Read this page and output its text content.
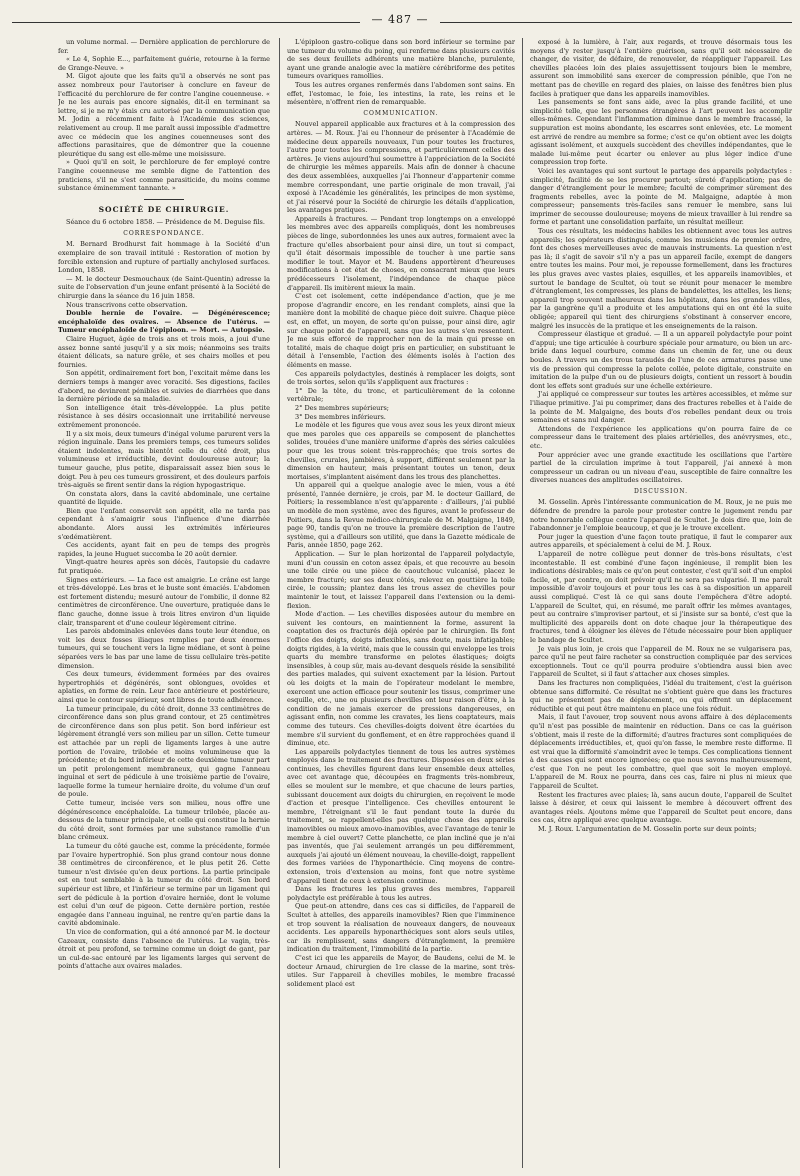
— 487 —

un volume normal. — Dernière application de perchlorure de fer.

« Le 4, Sophie E..., parfaitement guérie, retourne à la ferme de Grange-Neuve. »

M. Gigot ajoute que les faits qu'il a observés ne sont pas assez nombreux pour l'autoriser à conclure en faveur de l'efficacité du perchlorure de fer contre l'angine couenneuse. « Je ne les aurais pas encore signalés, dit-il en terminant sa lettre, si je ne m'y étais cru autorisé par la communication que M. Jodin a récemment faite à l'Académie des sciences, relativement au croup. Il me paraît aussi impossible d'admettre avec ce médecin que les angines couenneuses sont des affections parasitaires, que de démontrer que la couenne pleurétique du sang est elle-même une moisissure.

» Quoi qu'il en soit, le perchlorure de fer employé contre l'angine couenneuse me semble digne de l'attention des praticiens, s'il ne s'est comme parasiticide, du moins comme substance éminemment tannante. »

SOCIÉTÉ DE CHIRURGIE.

Séance du 6 octobre 1858. — Présidence de M. Deguise fils.

CORRESPONDANCE.

M. Bernard Brodhurst fait hommage à la Société d'un exemplaire de son travail intitulé : Restoration of motion by forcible extension and rupture of partially anchylosed surfaces. London, 1858.

— M. le docteur Desmouchaux (de Saint-Quentin) adresse la suite de l'observation d'un jeune enfant présenté à la Société de chirurgie dans la séance du 16 juin 1858.

Nous transcrivons cette observation.

Double hernie de l'ovaire. — Dégénérescence; encéphaloïde des ovaires. — Absence de l'utérus. — Tumeur encéphaloïde de l'épiploon. — Mort. — Autopsie.

Claire Huguet, âgée de trois ans et trois mois, a joui d'une assez bonne santé jusqu'il y a six mois; néanmoins ses traits étaient délicats, sa nature grêle, et ses chairs molles et peu fournies.

Son appétit, ordinairement fort bon, l'excitait même dans les derniers temps à manger avec voracité. Ses digestions, faciles d'abord, ne devinrent pénibles et suivies de diarrhées que dans la dernière période de sa maladie.

Son intelligence était très-développée. La plus petite résistance à ses désirs occasionnait une irritabilité nerveuse extrêmement prononcée.

Il y a six mois, deux tumeurs d'inégal volume parurent vers la région inguinale. Dans les premiers temps, ces tumeurs solides étaient indolentes, mais bientôt celle du côté droit, plus volumineuse et irréductible, devint douloureuse autour; la tumeur gauche, plus petite, disparaissait assez bien sous le doigt. Peu à peu ces tumeurs grossirent, et des douleurs parfois très-aiguës se firent sentir dans la région hypogastrique.

On constata alors, dans la cavité abdominale, une certaine quantité de liquide.

Bien que l'enfant conservât son appétit, elle ne tarda pas cependant à s'amaigrir sous l'influence d'une diarrhée abondante. Alors aussi les extrémités inférieures s'œdématièrent.

Ces accidents, ayant fait en peu de temps des progrès rapides, la jeune Huguet succomba le 20 août dernier.

Vingt-quatre heures après son décès, l'autopsie du cadavre fut pratiquée.

Signes extérieurs. — La face est amaigrie. Le crâne est large et très-développé. Les bras et le buste sont émaciés. L'abdomen est fortement distendu; mesuré autour de l'ombilic, il donne 82 centimètres de circonférence. Une ouverture, pratiquée dans le flanc gauche, donne issue à trois litres environ d'un liquide clair, transparent et d'une couleur légèrement citrine.

Les parois abdominales enlevées dans toute leur étendue, on voit les deux fosses iliaques remplies par deux énormes tumeurs, qui se touchent vers la ligne médiane, et sont à peine séparées vers le bas par une lame de tissu cellulaire très-petite dimension.

Ces deux tumeurs, évidemment formées par des ovaires hypertrophiés et dégénérés, sont oblongues, ovoïdes et aplaties, en forme de rein. Leur face antérieure et postérieure, ainsi que le contour supérieur, sont libres de toute adhérence.

La tumeur principale, du côté droit, donne 33 centimètres de circonférence dans son plus grand contour, et 25 centimètres de circonférence dans son plus petit. Son bord inférieur est légèrement étranglé vers son milieu par un sillon. Cette tumeur est attachée par un repli de ligaments larges à une autre portion de l'ovaire, trilobée et moins volumineuse que la précédente; et du bord inférieur de cette deuxième tumeur part un petit prolongement membraneux, qui gagne l'anneau inguinal et sert de pédicule à une troisième partie de l'ovaire, laquelle forme la tumeur herniaire droite, du volume d'un œuf de poule.

Cette tumeur, incisée vers son milieu, nous offre une dégénérescence encéphaloïde. La tumeur trilobée, placée au-dessous de la tumeur principale, et celle qui constitue la hernie du côté droit, sont formées par une substance ramollie d'un blanc crémeux.

La tumeur du côté gauche est, comme la précédente, formée par l'ovaire hypertrophié. Son plus grand contour nous donne 38 centimètres de circonférence, et le plus petit 26. Cette tumeur n'est divisée qu'en deux portions. La partie principale est en tout semblable à la tumeur du côté droit. Son bord supérieur est libre, et l'inférieur se termine par un ligament qui sert de pédicule à la portion d'ovaire herniée, dont le volume est celui d'un œuf de pigeon. Cette dernière portion, restée engagée dans l'anneau inguinal, ne rentre qu'en partie dans la cavité abdominale.

Un vice de conformation, qui a été annoncé par M. le docteur Cazeaux, consiste dans l'absence de l'utérus. Le vagin, très-étroit et peu profond, se termine comme un doigt de gant, par un cul-de-sac entouré par les ligaments larges qui servent de points d'attache aux ovaires malades.

L'épiploon gastro-colique dans son bord inférieur se termine par une tumeur du volume du poing, qui renferme dans plusieurs cavités de ses deux feuillets adhérents une matière blanche, purulente, ayant une grande analogie avec la matière cérébriforme des petites tumeurs ovariques ramollies.

Tous les autres organes renfermés dans l'abdomen sont sains. En effet, l'estomac, le foie, les intestins, la rate, les reins et le mésentère, n'offrent rien de remarquable.

COMMUNICATION.

Nouvel appareil applicable aux fractures et à la compression des artères. — M. Roux. J'ai eu l'honneur de présenter à l'Académie de médecine deux appareils nouveaux, l'un pour toutes les fractures, l'autre pour toutes les compressions, et particulièrement celles des artères. Je viens aujourd'hui soumettre à l'appréciation de la Société de chirurgie les mêmes appareils. Mais afin de donner à chacune des deux assemblées, auxquelles j'ai l'honneur d'appartenir comme membre correspondant, une partie originale de mon travail, j'ai exposé à l'Académie les généralités, les principes de mon système, et j'ai réservé pour la Société de chirurgie les détails d'application, les avantages pratiques.

Appareils à fractures. — Pendant trop longtemps on a enveloppé les membres avec des appareils compliqués, dont les nombreuses pièces de linge, subordonnées les unes aux autres, formaient avec la fracture qu'elles absorbaient pour ainsi dire, un tout si compact, qu'il était désormais impossible de toucher à une partie sans modifier le tout. Mayor et M. Baudens apportèrent d'heureuses modifications à cet état de choses, en consacrant mieux que leurs prédécesseurs l'isolement, l'indépendance de chaque pièce d'appareil. Ils imitèrent mieux la main.

C'est cet isolement, cette indépendance d'action, que je me propose d'agrandir encore, en les rendant complets, ainsi que la manière dont la mobilité de chaque pièce doit suivre. Chaque pièce est, en effet, un moyen, de sorte qu'on puisse, pour ainsi dire, agir sur chaque point de l'appareil, sans que les autres s'en ressentent. Je me suis efforcé de rapprocher non de la main qui presse en totalité, mais de chaque doigt pris en particulier, en substituant le détail à l'ensemble, l'action des éléments isolés à l'action des éléments en masse.

Ces appareils polydactyles, destinés à remplacer les doigts, sont de trois sortes, selon qu'ils s'appliquent aux fractures :

1° De la tête, du tronc, et particulièrement de la colonne vertébrale;

2° Des membres supérieurs;

3° Des membres inférieurs.

Le modèle et les figures que vous avez sous les yeux diront mieux que mes paroles que ces appareils se composent de planchettes solides, trouées d'une manière uniforme d'après des séries calculées pour que les trous soient très-rapprochés; que trois sortes de chevilles, crurales, jambières, à support, différent seulement par la dimension en hauteur, mais présentant toutes un tenon, deux mortaises, s'implantent aisément dans les trous des planchettes.

Un appareil qui a quelque analogie avec le mien, vous a été présenté, l'année dernière, je crois, par M. le docteur Gaillard, de Poitiers; la ressemblance n'est qu'apparente : d'ailleurs, j'ai publié un modèle de mon système, avec des figures, avant le professeur de Poitiers, dans la Revue médico-chirurgicale de M. Malgaigne, 1849, page 90, tandis qu'on ne trouve la première description de l'autre système, qui a d'ailleurs son utilité, que dans la Gazette médicale de Paris, année 1850, page 262.

Application. — Sur le plan horizontal de l'appareil polydactyle, muni d'un coussin en coton assez épais, et que recouvre au besoin une toile cirée ou une pièce de caoutchouc vulcanisé, placez le membre fracturé; sur ses deux côtés, relevez en gouttière la toile cirée, le coussin; plantez dans les trous assez de chevilles pour maintenir le tout, et laissez l'appareil dans l'extension ou la demi-flexion.

Mode d'action. — Les chevilles disposées autour du membre en suivent les contours, en maintiennent la forme, assurent la coaptation des os fracturés déjà opérée par le chirurgien. Ils font l'office des doigts, doigts inflexibles, sans doute, mais infatigables; doigts rigides, à la vérité, mais que le coussin qui enveloppe les trois quarts du membre transforme en pelotes élastiques; doigts insensibles, à coup sûr, mais au-devant desquels réside la sensibilité des parties malades, qui suivent exactement par la lésion. Partout où les doigts et la main de l'opérateur modelant le membre, exercent une action efficace pour soutenir les tissus, comprimer une esquille, etc., une ou plusieurs chevilles ont leur raison d'être, à la condition de ne jamais exercer de pressions dangereuses, en agissant enfin, non comme les cravates, les liens coaptateurs, mais comme des tuteurs. Ces chevilles-doigts doivent être écartées du membre s'il survient du gonflement, et en être rapprochées quand il diminue, etc.

Les appareils polydactyles tiennent de tous les autres systèmes employés dans le traitement des fractures. Disposées en deux séries continues, les chevilles figurent dans leur ensemble deux attelles, avec cet avantage que, découpées en fragments très-nombreux, elles se moulent sur le membre, et que chacune de leurs parties, subissant doucement aux doigts du chirurgien, en reçoivent le mode d'action et presque l'intelligence. Ces chevilles entourent le membre, l'étreignant s'il le faut pendant toute la durée du traitement, se rappellent-elles pas quelque chose des appareils inamovibles ou mieux amovo-inamovibles, avec l'avantage de tenir le membre à ciel ouvert? Cette planchette, ce plan incliné que je n'ai pas inventés, que j'ai seulement arrangés un peu différemment, auxquels j'ai ajouté un élément nouveau, la cheville-doigt, rappellent des formes variées de l'hyponarthécie. Cinq moyens de contre-extension, trois d'extension au moins, font que notre système d'appareil tient de ceux à extension continue.

Dans les fractures les plus graves des membres, l'appareil polydactyle est préférable à tous les autres.

Que peut-on attendre, dans ces cas si difficiles, de l'appareil de Scultet à attelles, des appareils inamovibles? Rien que l'imminence et trop souvent la réalisation de nouveaux dangers, de nouveaux accidents. Les appareils hyponarthéciques sont alors seuls utiles, car ils remplissent, sans dangers d'étranglement, la première indication du traitement, l'immobilité de la partie.

C'est ici que les appareils de Mayor, de Baudens, celui de M. le docteur Arnaud, chirurgien de 1re classe de la marine, sont très-utiles. Sur l'appareil à chevilles mobiles, le membre fracassé solidement placé est

exposé à la lumière, à l'air, aux regards, et trouve désormais tous les moyens d'y rester jusqu'à l'entière guérison, sans qu'il soit nécessaire de changer, de visiter, de défaire, de renouveler, de réappliquer l'appareil. Les chevilles placées loin des plaies assujettissent toujours bien le membre, assurent son immobilité sans exercer de compression pénible, que l'on ne mettant pas de cheville en regard des plaies, on laisse des fenêtres bien plus faciles à pratiquer que dans les appareils inamovibles.

Les pansements se font sans aide, avec la plus grande facilité, et une simplicité telle, que les personnes étrangères à l'art peuvent les accomplir elles-mêmes. Cependant l'inflammation diminue dans le membre fracassé, la suppuration est moins abondante, les escarres sont enlevées, etc. Le moment est arrivé de rendre au membre sa forme; c'est ce qu'on obtient avec les doigts agissant isolément, et auxquels succèdent des chevilles indépendantes, que le malade lui-même peut écarter ou enlever au plus léger indice d'une compression trop forte.

Voici les avantages qui sont surtout le partage des appareils polydactyles : simplicité, facilité de se les procurer partout; sûreté d'application; pas de danger d'étranglement pour le membre; faculté de comprimer sûrement des fragments rebelles, avec la pointe de M. Malgaigne, adaptée à mon compresseur; pansements très-faciles sans remuer le membre, sans lui imprimer de secousse douloureuse; moyens de mieux travailler à lui rendre sa forme et partant une consolidation parfaite, un résultat meilleur.

Tous ces résultats, les médecins habiles les obtiennent avec tous les autres appareils; les opérateurs distingués, comme les musiciens de premier ordre, font des choses merveilleuses avec de mauvais instruments. La question n'est pas là; il s'agit de savoir s'il n'y a pas un appareil facile, exempt de dangers entre toutes les mains. Pour moi, je repousse formellement, dans les fractures les plus graves avec vastes plaies, esquilles, et les appareils inamovibles, et surtout le bandage de Scultet, où tout se réunit pour menacer le membre d'étranglement, les compresses, les plans de bandelettes, les attelles, les liens; appareil trop souvent malheureux dans les hôpitaux, dans les grandes villes, par la gangrène qu'il a produite et les amputations qui en ont été la suite obligée; appareil qui tient des chirurgiens s'obstinant à conserver encore, malgré les insuccès de la pratique et les enseignements de la raison.

Compresseur élastique et gradué. — Il a un appareil polydactyle pour point d'appui; une tige articulée à courbure spéciale pour armature, ou bien un arc-bride dans lequel courbure, comme dans un chemin de fer, une ou deux boules. À travers un des trous taraudés de l'une de ces armatures passe une vis de pression qui compresse la pelote collée, pelote digitale, construite en imitation de la pulpe d'un ou de plusieurs doigts, contient un ressort à boudin dont les effets sont gradués sur une échelle extérieure.

J'ai appliqué ce compresseur sur toutes les artères accessibles, et même sur l'iliaque primitive. J'ai pu comprimer, dans des fractures rebelles et à l'aide de la pointe de M. Malgaigne, des bouts d'os rebelles pendant deux ou trois semaines et sans nul danger.

Attendons de l'expérience les applications qu'on pourra faire de ce compresseur dans le traitement des plaies artérielles, des anévrysmes, etc., etc.

Pour apprécier avec une grande exactitude les oscillations que l'artère partiel de la circulation imprime à tout l'appareil, j'ai annexé à mon compresseur un cadran ou un niveau d'eau, susceptible de faire connaître les diverses nuances des amplitudes oscillatoires.

DISCUSSION.

M. Gosselin. Après l'intéressante communication de M. Roux, je ne puis me défendre de prendre la parole pour protester contre le jugement rendu par notre honorable collègue contre l'appareil de Scultet. Je dois dire que, loin de l'abandonner je l'emploie beaucoup, et que je le trouve excellent.

Pour juger la question d'une façon toute pratique, il faut le comparer aux autres appareils, et spécialement à celui de M. J. Roux.

L'appareil de notre collègue peut donner de très-bons résultats, c'est incontestable. Il est combiné d'une façon ingénieuse, il remplit bien les indications désirables; mais ce qu'on peut contester, c'est qu'il soit d'un emploi facile, et, par contre, on doit prévoir qu'il ne sera pas vulgarisé. Il me paraît impossible d'avoir toujours et pour tous les cas à sa disposition un appareil aussi compliqué. C'est là ce qui sans doute l'empêchera d'être adopté. L'appareil de Scultet, qui, en résumé, me paraît offrir les mêmes avantages, peut au contraire s'improviser partout, et si j'insiste sur sa bonté, c'est que la multiplicité des appareils dont on dote chaque jour la thérapeutique des fractures, tend à éloigner les élèves de l'étude nécessaire pour bien appliquer le bandage de Scultet.

Je vais plus loin, je crois que l'appareil de M. Roux ne se vulgarisera pas, parce qu'il ne peut faire racheter sa construction compliquée par des services exceptionnels. Tout ce qu'il pourra produire s'obtiendra aussi bien avec l'appareil de Scultet, si il faut s'attacher aux choses simples.

Dans les fractures non compliquées, l'idéal du traitement, c'est la guérison obtenue sans difformité. Ce résultat ne s'obtient guère que dans les fractures qui ne présentent pas de déplacement, ou qui offrent un déplacement réductible et qui peut être maintenu en place une fois réduit.

Mais, il faut l'avouer, trop souvent nous avons affaire à des déplacements qu'il n'est pas possible de maintenir en réduction. Dans ce cas la guérison s'obtient, mais il reste de la difformité; d'autres fractures sont compliquées de déplacements irréductibles, et, quoi qu'on fasse, le membre reste difforme. Il est vrai que la difformité s'amoindrit avec le temps. Ces complications tiennent à des causes qui sont encore ignorées; ce que nous savons malheureusement, c'est que l'on ne peut les combattre, quel que soit le moyen employé. L'appareil de M. Roux ne pourra, dans ces cas, faire ni plus ni mieux que l'appareil de Scultet.

Restent les fractures avec plaies; là, sans aucun doute, l'appareil de Scultet laisse à désirer, et ceux qui laissent le membre à découvert offrent des avantages réels. Ajoutons même que l'appareil de Scultet peut encore, dans ces cas, être appliqué avec quelque avantage.

M. J. Roux. L'argumentation de M. Gosselin porte sur deux points;
